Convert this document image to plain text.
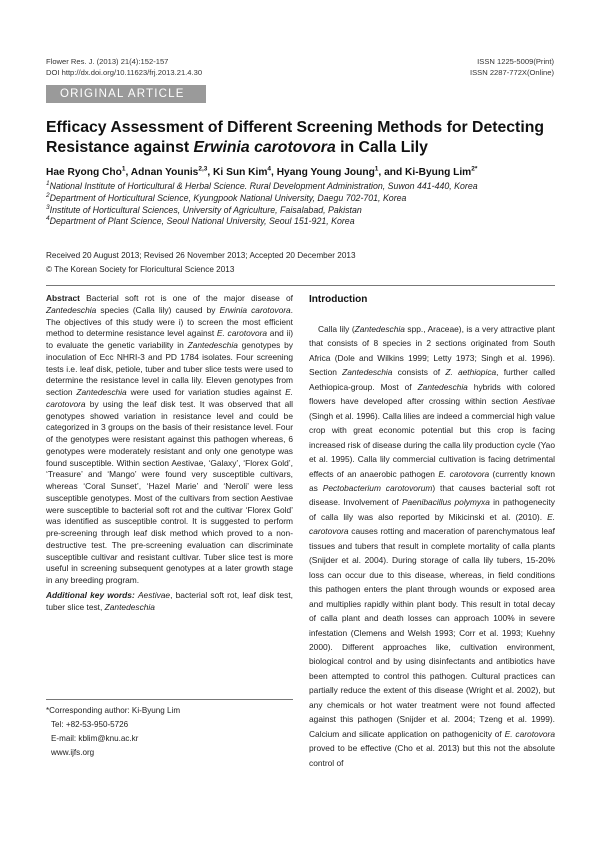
Flower Res. J. (2013) 21(4):152-157
DOI http://dx.doi.org/10.11623/frj.2013.21.4.30
ISSN 1225-5009(Print)
ISSN 2287-772X(Online)
ORIGINAL ARTICLE
Efficacy Assessment of Different Screening Methods for Detecting Resistance against Erwinia carotovora in Calla Lily
Hae Ryong Cho$^1$, Adnan Younis$^{2,3}$, Ki Sun Kim$^4$, Hyang Young Joung$^1$, and Ki-Byung Lim$^{2*}$
$^1$National Institute of Horticultural & Herbal Science. Rural Development Administration, Suwon 441-440, Korea
$^2$Department of Horticultural Science, Kyungpook National University, Daegu 702-701, Korea
$^3$Institute of Horticultural Sciences, University of Agriculture, Faisalabad, Pakistan
$^4$Department of Plant Science, Seoul National University, Seoul 151-921, Korea
Received 20 August 2013; Revised 26 November 2013; Accepted 20 December 2013
© The Korean Society for Floricultural Science 2013

Abstract Bacterial soft rot is one of the major disease of Zantedeschia species (Calla lily) caused by Erwinia carotovora. The objectives of this study were i) to screen the most efficient method to determine resistance level against E. carotovora and ii) to evaluate the genetic variability in Zantedeschia genotypes by inoculation of Ecc NHRI-3 and PD 1784 isolates. Four screening tests i.e. leaf disk, petiole, tuber and tuber slice tests were used to determine the resistance level in calla lily. Eleven genotypes from section Zantedeschia were used for variation studies against E. carotovora by using the leaf disk test. It was observed that all genotypes showed variation in resistance level and could be categorized in 3 groups on the basis of their resistance level. Four of the genotypes were resistant against this pathogen whereas, 6 genotypes were moderately resistant and only one genotype was found susceptible. Within section Aestivae, ‘Galaxy’, ‘Florex Gold’, ‘Treasure’ and ‘Mango’ were found very susceptible cultivars, whereas ‘Coral Sunset’, ‘Hazel Marie’ and ‘Neroli’ were less susceptible genotypes. Most of the cultivars from section Aestivae were susceptible to bacterial soft rot and the cultivar ‘Florex Gold’ was identified as susceptible control. It is suggested to perform pre-screening through leaf disk method which proved to a non-destructive test. The pre-screening evaluation can discriminate susceptible cultivar and resistant cultivar. Tuber slice test is more useful in screening subsequent genotypes at a later growth stage in any breeding program.

Additional key words: Aestivae, bacterial soft rot, leaf disk test, tuber slice test, Zantedeschia

*Corresponding author: Ki-Byung Lim
Tel: +82-53-950-5726
E-mail: kblim@knu.ac.kr
www.ijfs.org
Introduction

Calla lily (Zantedeschia spp., Araceae), is a very attractive plant that consists of 8 species in 2 sections originated from South Africa (Dole and Wilkins 1999; Letty 1973; Singh et al. 1996). Section Zantedeschia consists of Z. aethiopica, further called Aethiopica-group. Most of Zantedeschia hybrids with colored flowers have developed after crossing within section Aestivae (Singh et al. 1996). Calla lilies are indeed a commercial high value crop with great economic potential but this crop is facing increased risk of disease during the calla lily production cycle (Yao et al. 1995). Calla lily commercial cultivation is facing detrimental effects of an anaerobic pathogen E. carotovora (currently known as Pectobacterium carotovorum) that causes bacterial soft rot disease. Involvement of Paenibacillus polymyxa in pathogenecity of calla lily was also reported by Mikicinski et al. (2010). E. carotovora causes rotting and maceration of parenchymatous leaf tissues and tubers that result in complete mortality of calla plants (Snijder et al. 2004). During storage of calla lily tubers, 15-20% loss can occur due to this disease, whereas, in field conditions this pathogen enters the plant through wounds or exposed area and multiplies rapidly within plant body. This result in total decay of calla plant and death losses can approach 100% in severe infestation (Clemens and Welsh 1993; Corr et al. 1993; Kuehny 2000). Different approaches like, cultivation environment, biological control and by using disinfectants and antibiotics have been attempted to control this pathogen. Cultural practices can partially reduce the extent of this disease (Wright et al. 2002), but any chemicals or hot water treatment were not found affected against this pathogen (Snijder et al. 2004; Tzeng et al. 1999). Calcium and silicate application on pathogenicity of E. carotovora proved to be effective (Cho et al. 2013) but this not the absolute control of
